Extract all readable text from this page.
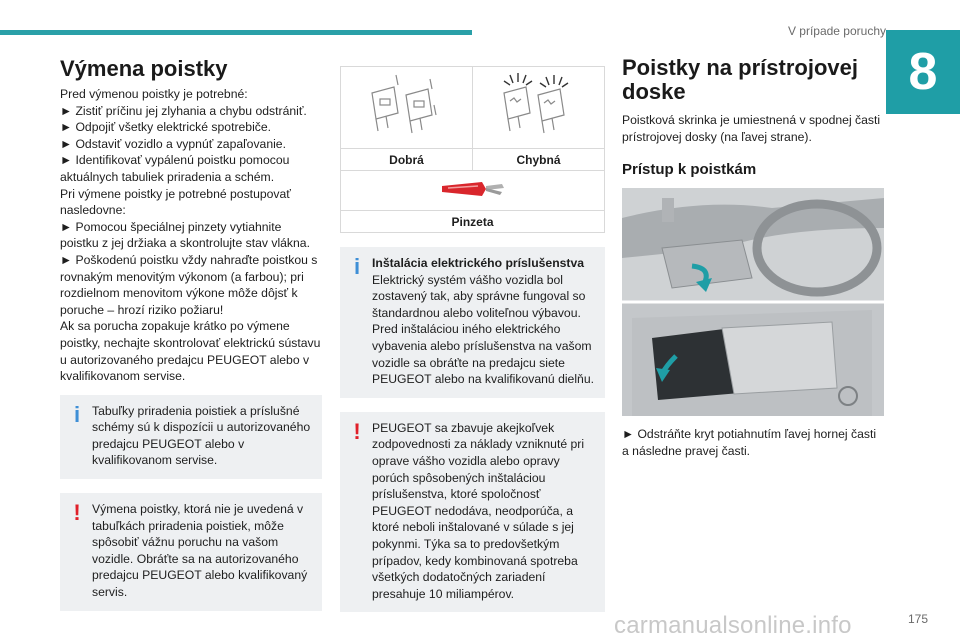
V prípade poruchy
8
Výmena poistky

Pred výmenou poistky je potrebné:

► Zistiť príčinu jej zlyhania a chybu odstrániť.

► Odpojiť všetky elektrické spotrebiče.

► Odstaviť vozidlo a vypnúť zapaľovanie.

► Identifikovať vypálenú poistku pomocou aktuálnych tabuliek priradenia a schém.

Pri výmene poistky je potrebné postupovať nasledovne:

► Pomocou špeciálnej pinzety vytiahnite poistku z jej držiaka a skontrolujte stav vlákna.

► Poškodenú poistku vždy nahraďte poistkou s rovnakým menovitým výkonom (a farbou); pri rozdielnom menovitom výkone môže dôjsť k poruche – hrozí riziko požiaru!

Ak sa porucha zopakuje krátko po výmene poistky, nechajte skontrolovať elektrickú sústavu u autorizovaného predajcu PEUGEOT alebo v kvalifikovanom servise.

i Tabuľky priradenia poistiek a príslušné schémy sú k dispozícii u autorizovaného predajcu PEUGEOT alebo v kvalifikovanom servise.
! Výmena poistky, ktorá nie je uvedená v tabuľkách priradenia poistiek, môže spôsobiť vážnu poruchu na vašom vozidle. Obráťte sa na autorizovaného predajcu PEUGEOT alebo kvalifikovaný servis.

Dobrá	Chybná

Pinzeta	
i Inštalácia elektrického príslušenstva Elektrický systém vášho vozidla bol zostavený tak, aby správne fungoval so štandardnou alebo voliteľnou výbavou. Pred inštaláciou iného elektrického vybavenia alebo príslušenstva na vašom vozidle sa obráťte na predajcu siete PEUGEOT alebo na kvalifikovanú dielňu.
! PEUGEOT sa zbavuje akejkoľvek zodpovednosti za náklady vzniknuté pri oprave vášho vozidla alebo opravy porúch spôsobených inštaláciou príslušenstva, ktoré spoločnosť PEUGEOT nedodáva, neodporúča, a ktoré neboli inštalované v súlade s jej pokynmi. Týka sa to predovšetkým prípadov, kedy kombinovaná spotreba všetkých dodatočných zariadení presahuje 10 miliampérov.
Poistky na prístrojovej doske

Poistková skrinka je umiestnená v spodnej časti prístrojovej dosky (na ľavej strane).

Prístup k poistkám

► Odstráňte kryt potiahnutím ľavej hornej časti a následne pravej časti.

175
carmanualsonline.info
